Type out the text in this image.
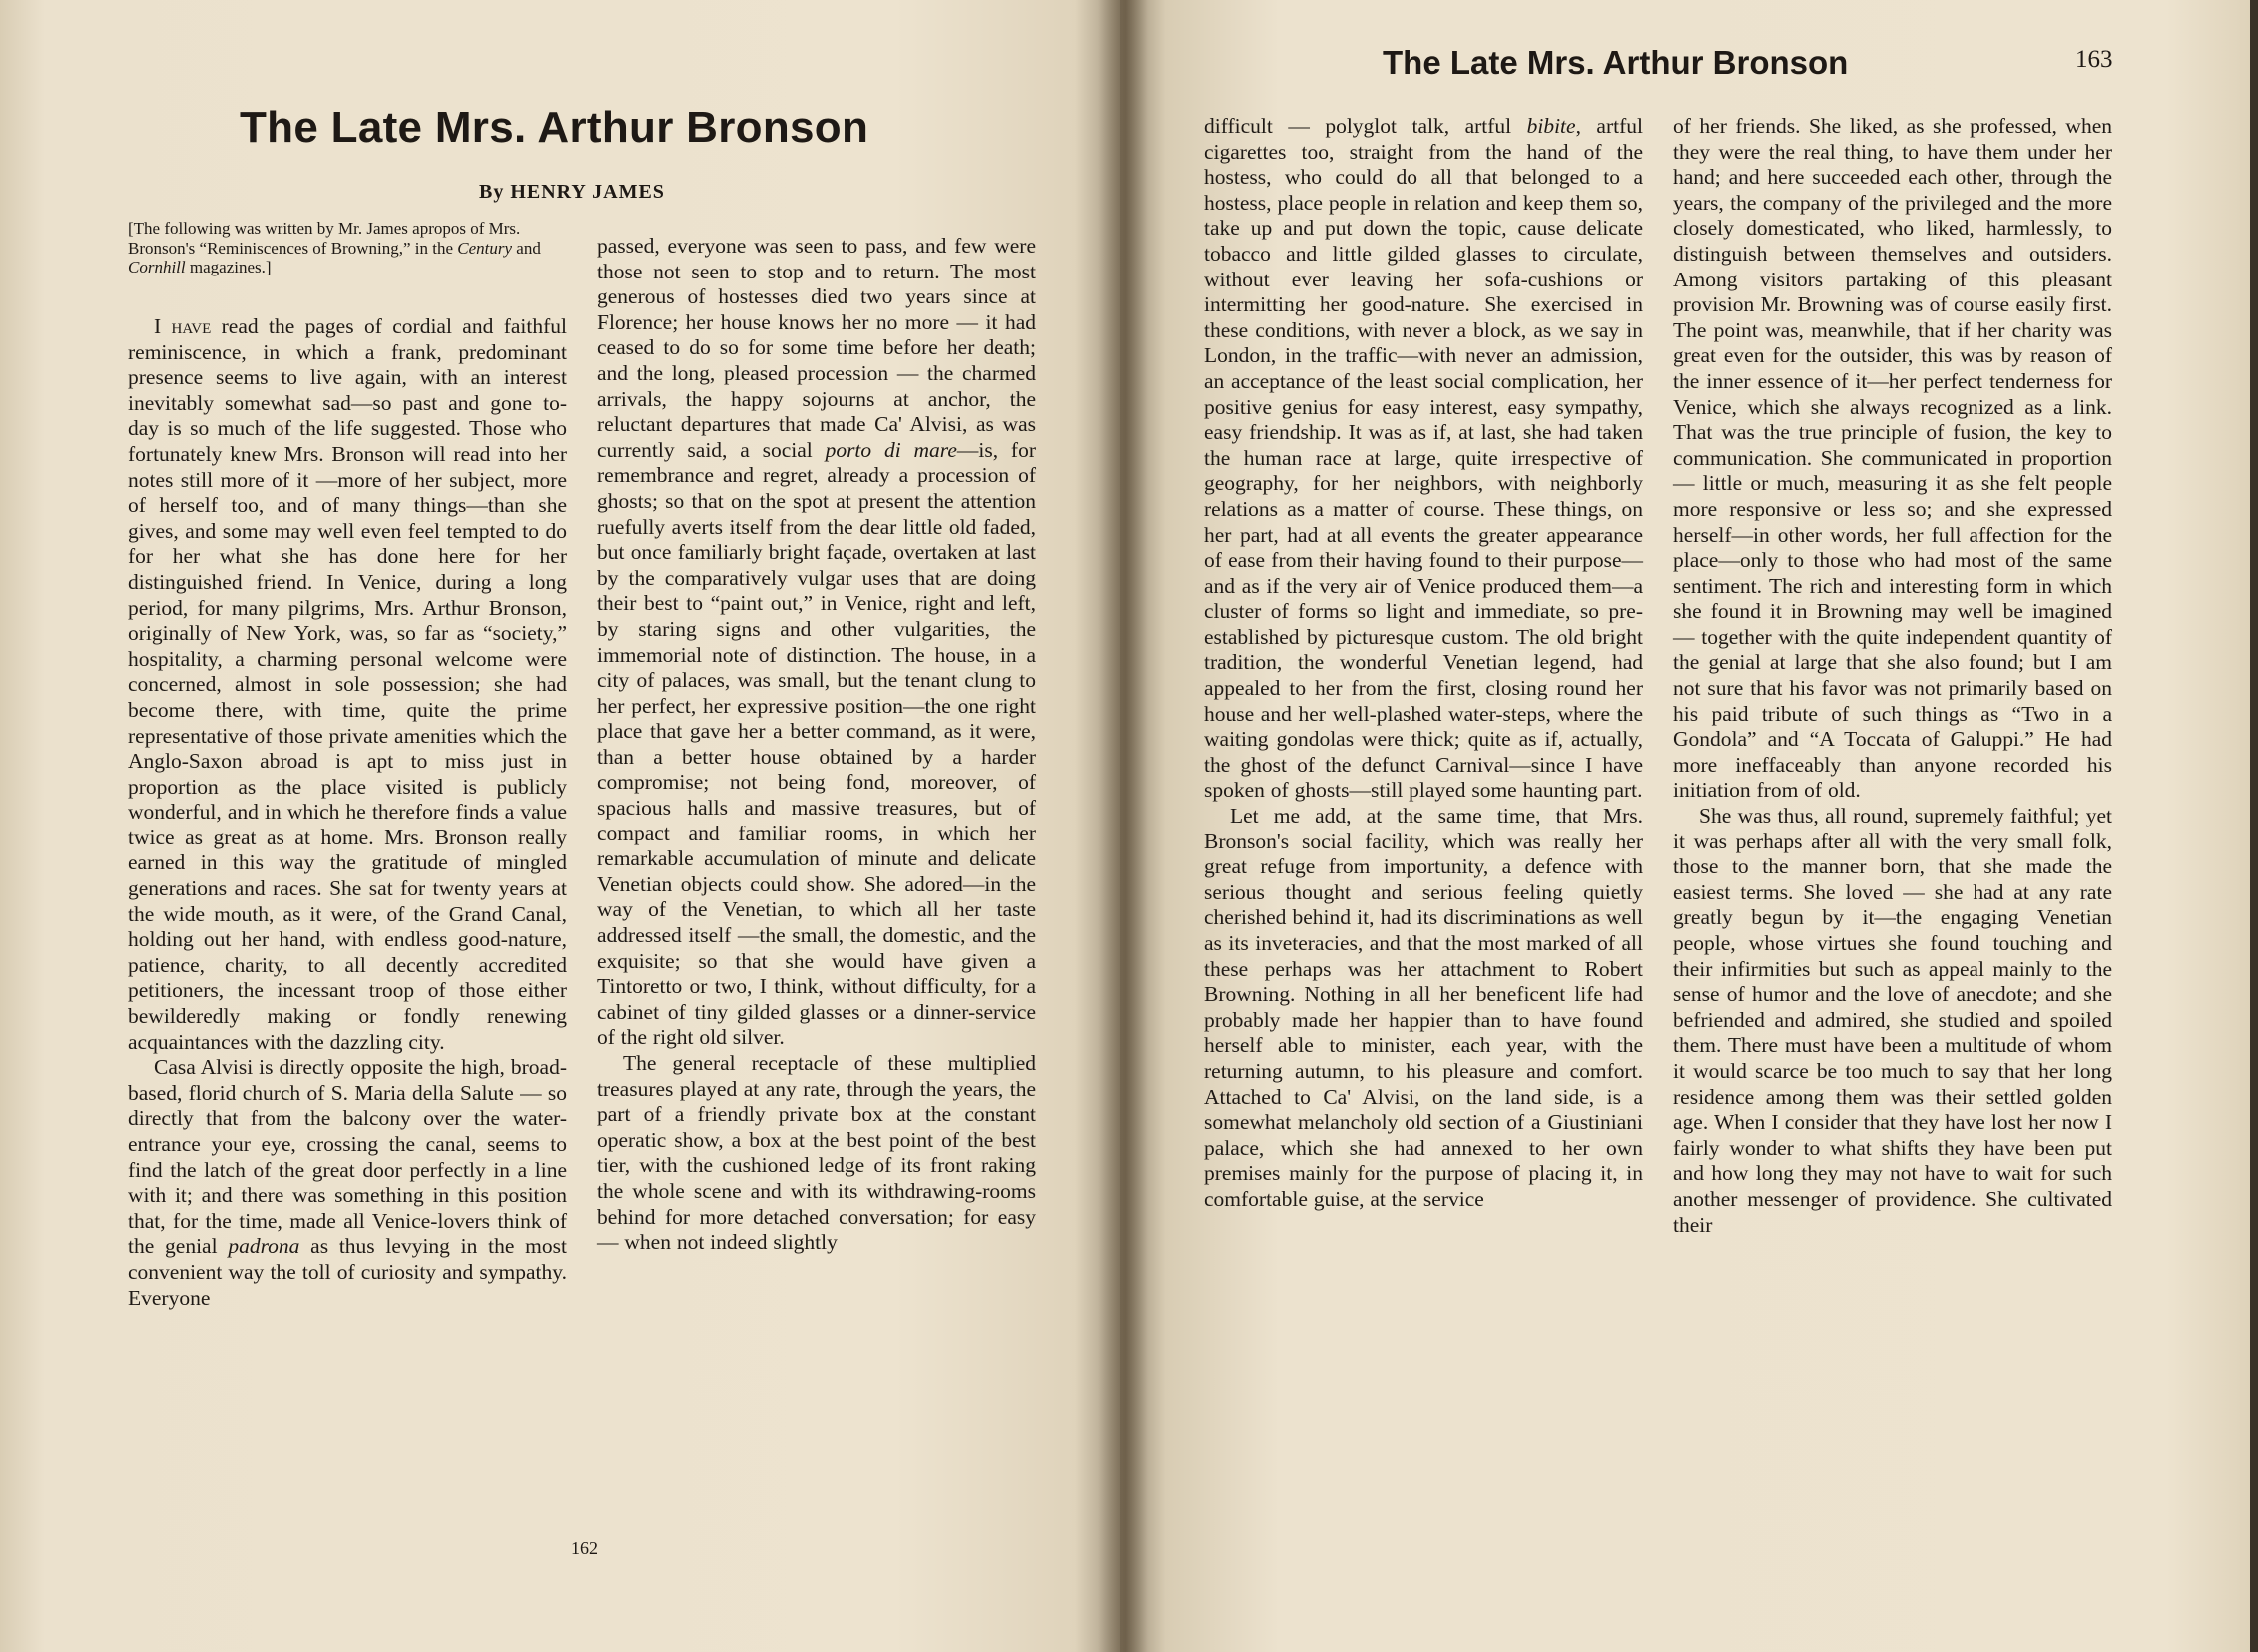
The Late Mrs. Arthur Bronson
By HENRY JAMES
[The following was written by Mr. James apropos of Mrs. Bronson's “Reminiscences of Browning,” in the Century and Cornhill magazines.]

I have read the pages of cordial and faithful reminiscence, in which a frank, predominant presence seems to live again, with an interest inevitably somewhat sad—so past and gone to-day is so much of the life suggested. Those who fortunately knew Mrs. Bronson will read into her notes still more of it —more of her subject, more of herself too, and of many things—than she gives, and some may well even feel tempted to do for her what she has done here for her distinguished friend. In Venice, during a long period, for many pilgrims, Mrs. Arthur Bronson, originally of New York, was, so far as “society,” hospitality, a charming personal welcome were concerned, almost in sole possession; she had become there, with time, quite the prime representative of those private amenities which the Anglo-Saxon abroad is apt to miss just in proportion as the place visited is publicly wonderful, and in which he therefore finds a value twice as great as at home. Mrs. Bronson really earned in this way the gratitude of mingled generations and races. She sat for twenty years at the wide mouth, as it were, of the Grand Canal, holding out her hand, with endless good-nature, patience, charity, to all decently accredited petitioners, the incessant troop of those either bewilderedly making or fondly renewing acquaintances with the dazzling city.

Casa Alvisi is directly opposite the high, broad-based, florid church of S. Maria della Salute — so directly that from the balcony over the water-entrance your eye, crossing the canal, seems to find the latch of the great door perfectly in a line with it; and there was something in this position that, for the time, made all Venice-lovers think of the genial padrona as thus levying in the most convenient way the toll of curiosity and sympathy. Everyone

passed, everyone was seen to pass, and few were those not seen to stop and to return. The most generous of hostesses died two years since at Florence; her house knows her no more — it had ceased to do so for some time before her death; and the long, pleased procession — the charmed arrivals, the happy sojourns at anchor, the reluctant departures that made Ca' Alvisi, as was currently said, a social porto di mare—is, for remembrance and regret, already a procession of ghosts; so that on the spot at present the attention ruefully averts itself from the dear little old faded, but once familiarly bright façade, overtaken at last by the comparatively vulgar uses that are doing their best to “paint out,” in Venice, right and left, by staring signs and other vulgarities, the immemorial note of distinction. The house, in a city of palaces, was small, but the tenant clung to her perfect, her expressive position—the one right place that gave her a better command, as it were, than a better house obtained by a harder compromise; not being fond, moreover, of spacious halls and massive treasures, but of compact and familiar rooms, in which her remarkable accumulation of minute and delicate Venetian objects could show. She adored—in the way of the Venetian, to which all her taste addressed itself —the small, the domestic, and the exquisite; so that she would have given a Tintoretto or two, I think, without difficulty, for a cabinet of tiny gilded glasses or a dinner-service of the right old silver.

The general receptacle of these multiplied treasures played at any rate, through the years, the part of a friendly private box at the constant operatic show, a box at the best point of the best tier, with the cushioned ledge of its front raking the whole scene and with its withdrawing-rooms behind for more detached conversation; for easy — when not indeed slightly

162

difficult — polyglot talk, artful bibite, artful cigarettes too, straight from the hand of the hostess, who could do all that belonged to a hostess, place people in relation and keep them so, take up and put down the topic, cause delicate tobacco and little gilded glasses to circulate, without ever leaving her sofa-cushions or intermitting her good-nature. She exercised in these conditions, with never a block, as we say in London, in the traffic—with never an admission, an acceptance of the least social complication, her positive genius for easy interest, easy sympathy, easy friendship. It was as if, at last, she had taken the human race at large, quite irrespective of geography, for her neighbors, with neighborly relations as a matter of course. These things, on her part, had at all events the greater appearance of ease from their having found to their purpose—and as if the very air of Venice produced them—a cluster of forms so light and immediate, so pre-established by picturesque custom. The old bright tradition, the wonderful Venetian legend, had appealed to her from the first, closing round her house and her well-plashed water-steps, where the waiting gondolas were thick; quite as if, actually, the ghost of the defunct Carnival—since I have spoken of ghosts—still played some haunting part.

Let me add, at the same time, that Mrs. Bronson's social facility, which was really her great refuge from importunity, a defence with serious thought and serious feeling quietly cherished behind it, had its discriminations as well as its inveteracies, and that the most marked of all these perhaps was her attachment to Robert Browning. Nothing in all her beneficent life had probably made her happier than to have found herself able to minister, each year, with the returning autumn, to his pleasure and comfort. Attached to Ca' Alvisi, on the land side, is a somewhat melancholy old section of a Giustiniani palace, which she had annexed to her own premises mainly for the purpose of placing it, in comfortable guise, at the service

of her friends. She liked, as she professed, when they were the real thing, to have them under her hand; and here succeeded each other, through the years, the company of the privileged and the more closely domesticated, who liked, harmlessly, to distinguish between themselves and outsiders. Among visitors partaking of this pleasant provision Mr. Browning was of course easily first. The point was, meanwhile, that if her charity was great even for the outsider, this was by reason of the inner essence of it—her perfect tenderness for Venice, which she always recognized as a link. That was the true principle of fusion, the key to communication. She communicated in proportion — little or much, measuring it as she felt people more responsive or less so; and she expressed herself—in other words, her full affection for the place—only to those who had most of the same sentiment. The rich and interesting form in which she found it in Browning may well be imagined — together with the quite independent quantity of the genial at large that she also found; but I am not sure that his favor was not primarily based on his paid tribute of such things as “Two in a Gondola” and “A Toccata of Galuppi.” He had more ineffaceably than anyone recorded his initiation from of old.

She was thus, all round, supremely faithful; yet it was perhaps after all with the very small folk, those to the manner born, that she made the easiest terms. She loved — she had at any rate greatly begun by it—the engaging Venetian people, whose virtues she found touching and their infirmities but such as appeal mainly to the sense of humor and the love of anecdote; and she befriended and admired, she studied and spoiled them. There must have been a multitude of whom it would scarce be too much to say that her long residence among them was their settled golden age. When I consider that they have lost her now I fairly wonder to what shifts they have been put and how long they may not have to wait for such another messenger of providence. She cultivated their

The Late Mrs. Arthur Bronson	163
